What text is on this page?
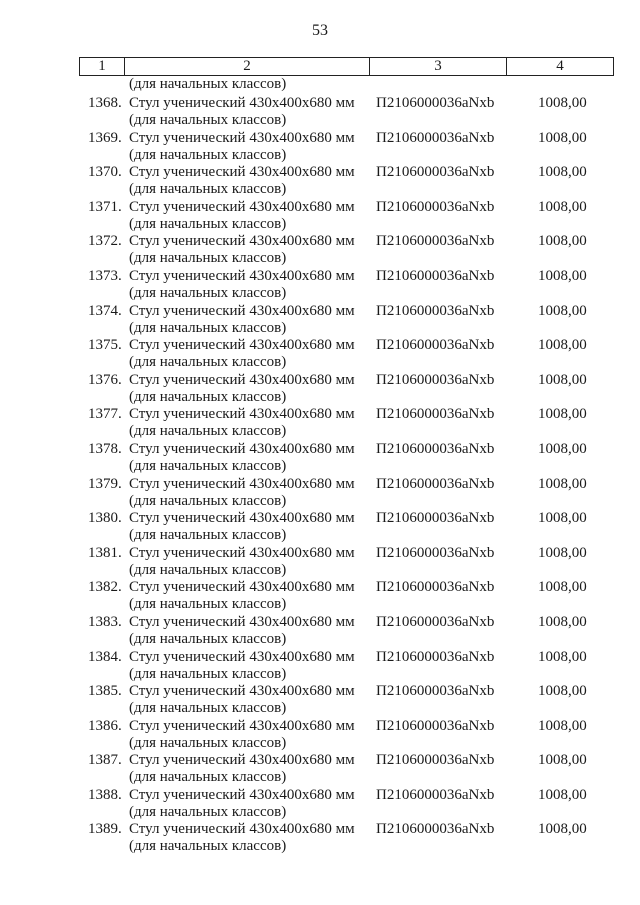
53
1	2	3	4
(для начальных классов)
1368. Стул ученический 430х400х680 мм
(для начальных классов)
П2106000036aNxb	1008,00
1369. Стул ученический 430х400х680 мм
(для начальных классов)
П2106000036aNxb	1008,00
1370. Стул ученический 430х400х680 мм
(для начальных классов)
П2106000036aNxb	1008,00
1371. Стул ученический 430х400х680 мм
(для начальных классов)
П2106000036aNxb	1008,00
1372. Стул ученический 430х400х680 мм
(для начальных классов)
П2106000036aNxb	1008,00
1373. Стул ученический 430х400х680 мм
(для начальных классов)
П2106000036aNxb	1008,00
1374. Стул ученический 430х400х680 мм
(для начальных классов)
П2106000036aNxb	1008,00
1375. Стул ученический 430х400х680 мм
(для начальных классов)
П2106000036aNxb	1008,00
1376. Стул ученический 430х400х680 мм
(для начальных классов)
П2106000036aNxb	1008,00
1377. Стул ученический 430х400х680 мм
(для начальных классов)
П2106000036aNxb	1008,00
1378. Стул ученический 430х400х680 мм
(для начальных классов)
П2106000036aNxb	1008,00
1379. Стул ученический 430х400х680 мм
(для начальных классов)
П2106000036aNxb	1008,00
1380. Стул ученический 430х400х680 мм
(для начальных классов)
П2106000036aNxb	1008,00
1381. Стул ученический 430х400х680 мм
(для начальных классов)
П2106000036aNxb	1008,00
1382. Стул ученический 430х400х680 мм
(для начальных классов)
П2106000036aNxb	1008,00
1383. Стул ученический 430х400х680 мм
(для начальных классов)
П2106000036aNxb	1008,00
1384. Стул ученический 430х400х680 мм
(для начальных классов)
П2106000036aNxb	1008,00
1385. Стул ученический 430х400х680 мм
(для начальных классов)
П2106000036aNxb	1008,00
1386. Стул ученический 430х400х680 мм
(для начальных классов)
П2106000036aNxb	1008,00
1387. Стул ученический 430х400х680 мм
(для начальных классов)
П2106000036aNxb	1008,00
1388. Стул ученический 430х400х680 мм
(для начальных классов)
П2106000036aNxb	1008,00
1389. Стул ученический 430х400х680 мм
(для начальных классов)
П2106000036aNxb	1008,00
